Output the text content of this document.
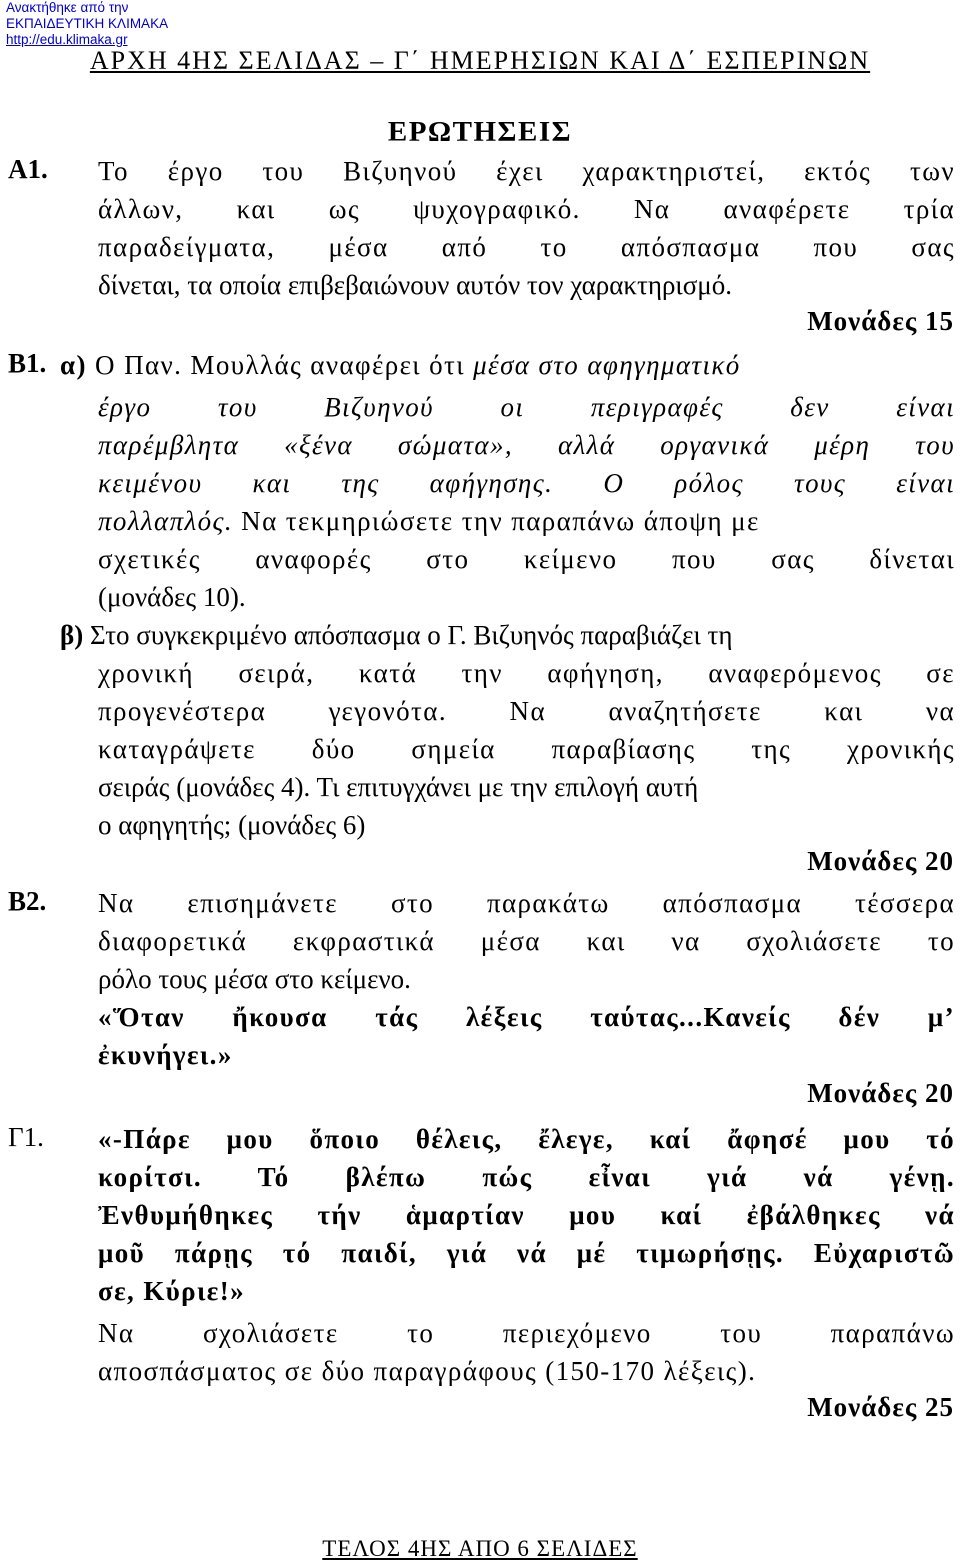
Ανακτήθηκε από την
ΕΚΠΑΙΔΕΥΤΙΚΗ ΚΛΙΜΑΚΑ
http://edu.klimaka.gr
ΑΡΧΗ 4ΗΣ ΣΕΛΙΔΑΣ – Γ΄ ΗΜΕΡΗΣΙΩΝ ΚΑΙ Δ΄ ΕΣΠΕΡΙΝΩΝ
ΕΡΩΤΗΣΕΙΣ
Α1. Το έργο του Βιζυηνού έχει χαρακτηριστεί, εκτός των
άλλων, και ως ψυχογραφικό. Να αναφέρετε τρία
παραδείγματα, μέσα από το απόσπασμα που σας
δίνεται, τα οποία επιβεβαιώνουν αυτόν τον χαρακτηρισμό.
Μονάδες 15
Β1. α) Ο Παν. Μουλλάς αναφέρει ότι μέσα στο αφηγηματικό
έργο του Βιζυηνού οι περιγραφές δεν είναι
παρέμβλητα «ξένα σώματα», αλλά οργανικά μέρη του
κειμένου και της αφήγησης. Ο ρόλος τους είναι
πολλαπλός. Να τεκμηριώσετε την παραπάνω άποψη με
σχετικές αναφορές στο κείμενο που σας δίνεται
(μονάδες 10).
β) Στο συγκεκριμένο απόσπασμα ο Γ. Βιζυηνός παραβιάζει τη
χρονική σειρά, κατά την αφήγηση, αναφερόμενος σε
προγενέστερα γεγονότα. Να αναζητήσετε και να
καταγράψετε δύο σημεία παραβίασης της χρονικής
σειράς (μονάδες 4). Τι επιτυγχάνει με την επιλογή αυτή
ο αφηγητής; (μονάδες 6)
Μονάδες 20
Β2. Να επισημάνετε στο παρακάτω απόσπασμα τέσσερα
διαφορετικά εκφραστικά μέσα και να σχολιάσετε το
ρόλο τους μέσα στο κείμενο.
«Ὅταν ἤκουσα τάς λέξεις ταύτας...Κανείς δέν μ’
ἐκυνήγει.»
Μονάδες 20
Γ1. «-Πάρε μου ὅποιο θέλεις, ἔλεγε, καί ἄφησέ μου τό
κορίτσι. Τό βλέπω πώς εἶναι γιά νά γένῃ.
Ἐνθυμήθηκες τήν ἁμαρτίαν μου καί ἐβάλθηκες νά
μοῦ πάρῃς τό παιδί, γιά νά μέ τιμωρήσῃς. Εὐχαριστῶ
σε, Κύριε!»
Να σχολιάσετε το περιεχόμενο του παραπάνω
αποσπάσματος σε δύο παραγράφους (150-170 λέξεις).
Μονάδες 25
ΤΕΛΟΣ 4ΗΣ ΑΠΟ 6 ΣΕΛΙΔΕΣ
